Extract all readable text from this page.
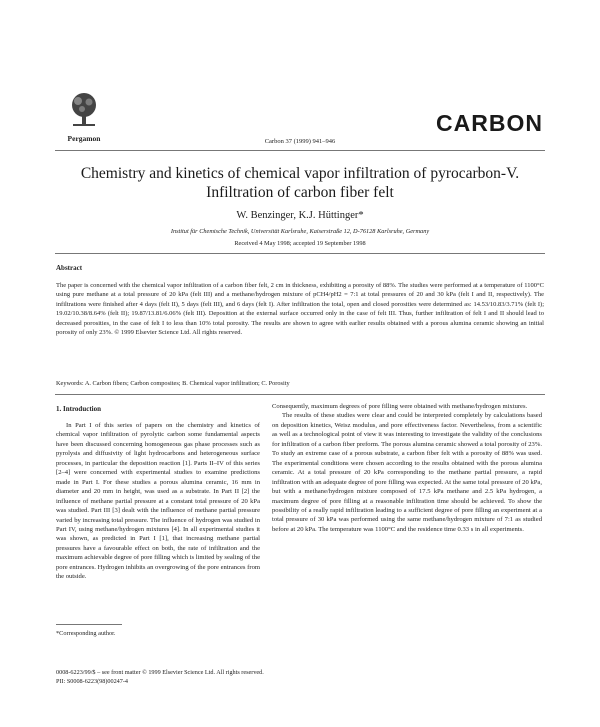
Pergamon	Carbon 37 (1999) 941–946
CARBON
Chemistry and kinetics of chemical vapor infiltration of pyrocarbon-V. Infiltration of carbon fiber felt
W. Benzinger, K.J. Hüttinger*
Institut für Chemische Technik, Universität Karlsruhe, Kaiserstraße 12, D-76128 Karlsruhe, Germany
Received 4 May 1998; accepted 19 September 1998
Abstract
The paper is concerned with the chemical vapor infiltration of a carbon fiber felt, 2 cm in thickness, exhibiting a porosity of 88%. The studies were performed at a temperature of 1100°C using pure methane at a total pressure of 20 kPa (felt III) and a methane/hydrogen mixture of pCH4/pH2 = 7:1 at total pressures of 20 and 30 kPa (felt I and II, respectively). The infiltrations were finished after 4 days (felt II), 5 days (felt III), and 6 days (felt I). After infiltration the total, open and closed porosities were determined as: 14.53/10.83/3.71% (felt I); 19.02/10.38/8.64% (felt II); 19.87/13.81/6.06% (felt III). Deposition at the external surface occurred only in the case of felt III. Thus, further infiltration of felt I and II should lead to decreased porosities, in the case of felt I to less than 10% total porosity. The results are shown to agree with earlier results obtained with a porous alumina ceramic showing an initial porosity of only 23%. © 1999 Elsevier Science Ltd. All rights reserved.
Keywords: A. Carbon fibers; Carbon composites; B. Chemical vapor infiltration; C. Porosity
1. Introduction

In Part I of this series of papers on the chemistry and kinetics of chemical vapor infiltration of pyrolytic carbon some fundamental aspects have been discussed concerning homogeneous gas phase processes such as pyrolysis and diffusivity of light hydrocarbons and heterogeneous surface processes, in particular the deposition reaction [1]. Parts II–IV of this series [2–4] were concerned with experimental studies to examine predictions made in Part I. For these studies a porous alumina ceramic, 16 mm in diameter and 20 mm in height, was used as a substrate. In Part II [2] the influence of methane partial pressure at a constant total pressure of 20 kPa was studied. Part III [3] dealt with the influence of methane partial pressure varied by increasing total pressure. The influence of hydrogen was studied in Part IV, using methane/hydrogen mixtures [4]. In all experimental studies it was shown, as predicted in Part I [1], that increasing methane partial pressures have a favourable effect on both, the rate of infiltration and the maximum achievable degree of pore filling which is limited by sealing of the pore entrances. Hydrogen inhibits an overgrowing of the pore entrances from the outside.

Consequently, maximum degrees of pore filling were obtained with methane/hydrogen mixtures.

The results of these studies were clear and could be interpreted completely by calculations based on deposition kinetics, Weisz modulus, and pore effectiveness factor. Nevertheless, from a scientific as well as a technological point of view it was interesting to investigate the validity of the conclusions for infiltration of a carbon fiber preform. The porous alumina ceramic showed a total porosity of 23%. To study an extreme case of a porous substrate, a carbon fiber felt with a porosity of 88% was used. The experimental conditions were chosen according to the results obtained with the porous alumina ceramic. At a total pressure of 20 kPa corresponding to the methane partial pressure, a rapid infiltration with an adequate degree of pore filling was expected. At the same total pressure of 20 kPa, but with a methane/hydrogen mixture composed of 17.5 kPa methane and 2.5 kPa hydrogen, a maximum degree of pore filling at a reasonable infiltration time should be achieved. To show the possibility of a really rapid infiltration leading to a sufficient degree of pore filling an experiment at a total pressure of 30 kPa was performed using the same methane/hydrogen mixture of 7:1 as studied before at 20 kPa. The temperature was 1100°C and the residence time 0.33 s in all experiments.

*Corresponding author.
0008-6223/99/$ – see front matter © 1999 Elsevier Science Ltd. All rights reserved.
PII: S0008-6223(98)00247-4
